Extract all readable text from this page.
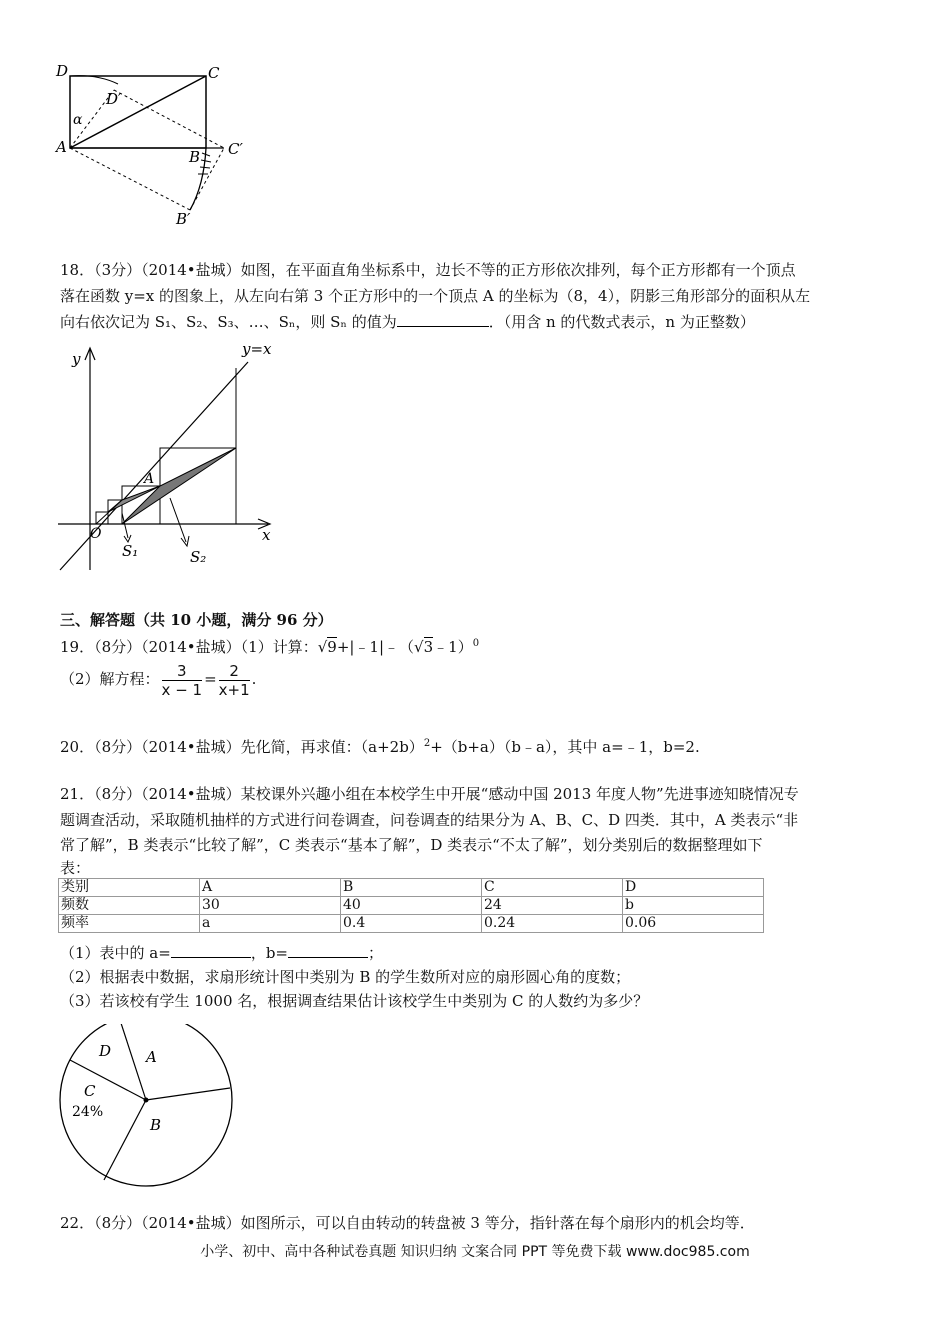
D	C
D′
α
A
B C′
B′
18．（3分）（2014•盐城）如图，在平面直角坐标系中，边长不等的正方形依次排列，每个正方形都有一个顶点
落在函数 y=x 的图象上，从左向右第 3 个正方形中的一个顶点 A 的坐标为（8，4），阴影三角形部分的面积从左
向右依次记为 S₁、S₂、S₃、…、Sₙ，则 Sₙ 的值为	．（用含 n 的代数式表示，n 为正整数）
y
y=x
A
O	x
S₁	S₂
三、解答题（共 10 小题，满分 96 分）
19．（8分）（2014•盐城）（1）计算：√9+|﹣1|﹣（√3﹣1）$^0$
（2）解方程： $\frac{3}{x - 1} = \frac{2}{x+1}$ .
20．（8分）（2014•盐城）先化简，再求值：$(a+2b)^2+(b+a)(b﹣a)$，其中 a=﹣1，b=2.
21．（8分）（2014•盐城）某校课外兴趣小组在本校学生中开展“感动中国 2013 年度人物”先进事迹知晓情况专
题调查活动，采取随机抽样的方式进行问卷调查，问卷调查的结果分为 A、B、C、D 四类．其中，A 类表示“非
常了解”，B 类表示“比较了解”，C 类表示“基本了解”，D 类表示“不太了解”，划分类别后的数据整理如下
表：
类别	A	B	C	D
频数	30	40	24	b
频率	a	0.4	0.24	0.06
（1）表中的 a=	，b=	；
（2）根据表中数据，求扇形统计图中类别为 B 的学生数所对应的扇形圆心角的度数；
（3）若该校有学生 1000 名，根据调查结果估计该校学生中类别为 C 的人数约为多少？
D A
C
24%
B
22．（8分）（2014•盐城）如图所示，可以自由转动的转盘被 3 等分，指针落在每个扇形内的机会均等．
小学、初中、高中各种试卷真题 知识归纳 文案合同 PPT 等免费下载 www.doc985.com
